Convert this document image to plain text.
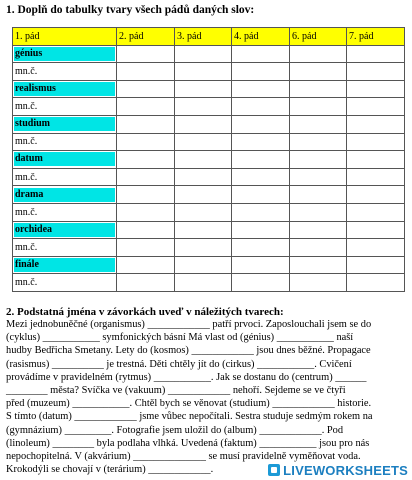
1. Doplň do tabulky tvary všech pádů daných slov:
1. pád	2. pád	3. pád	4. pád	6. pád	7. pád

génius					

mn.č.					

realismus					

mn.č.					

studium					

mn.č.					

datum					

mn.č.					

drama					

mn.č.					

orchidea					

mn.č.					

finále					

mn.č.					
2. Podstatná jména v závorkách uveď v náležitých tvarech:
Mezi jednobuněčné (organismus) ____________ patří prvoci. Zaposlouchali jsem se do
(cyklus) ___________ symfonických básní Má vlast od (génius) ___________ naší
hudby Bedřicha Smetany. Lety do (kosmos) ____________ jsou dnes běžné. Propagace
(rasismus) __________ je trestná. Děti chtěly jít do (cirkus) ___________. Cvičení
provádíme v pravidelném (rytmus) ___________. Jak se dostanu do (centrum) ______
________ města? Svíčka ve (vakuum) ____________ nehoří. Sejdeme se ve čtyři
před (muzeum) ___________. Chtěl bych se věnovat (studium) ____________ historie.
S tímto (datum) ____________ jsme vůbec nepočítali. Sestra studuje sedmým rokem na
(gymnázium) _________. Fotografie jsem uložil do (album) ____________. Pod
(linoleum) ________ byla podlaha vlhká. Uvedená (faktum) ___________ jsou pro nás
nepochopitelná. V (akvárium) ______________ se musí pravidelně vyměňovat voda.
Krokodýli se chovají v (terárium) ____________.	LIVEWORKSHEETS
